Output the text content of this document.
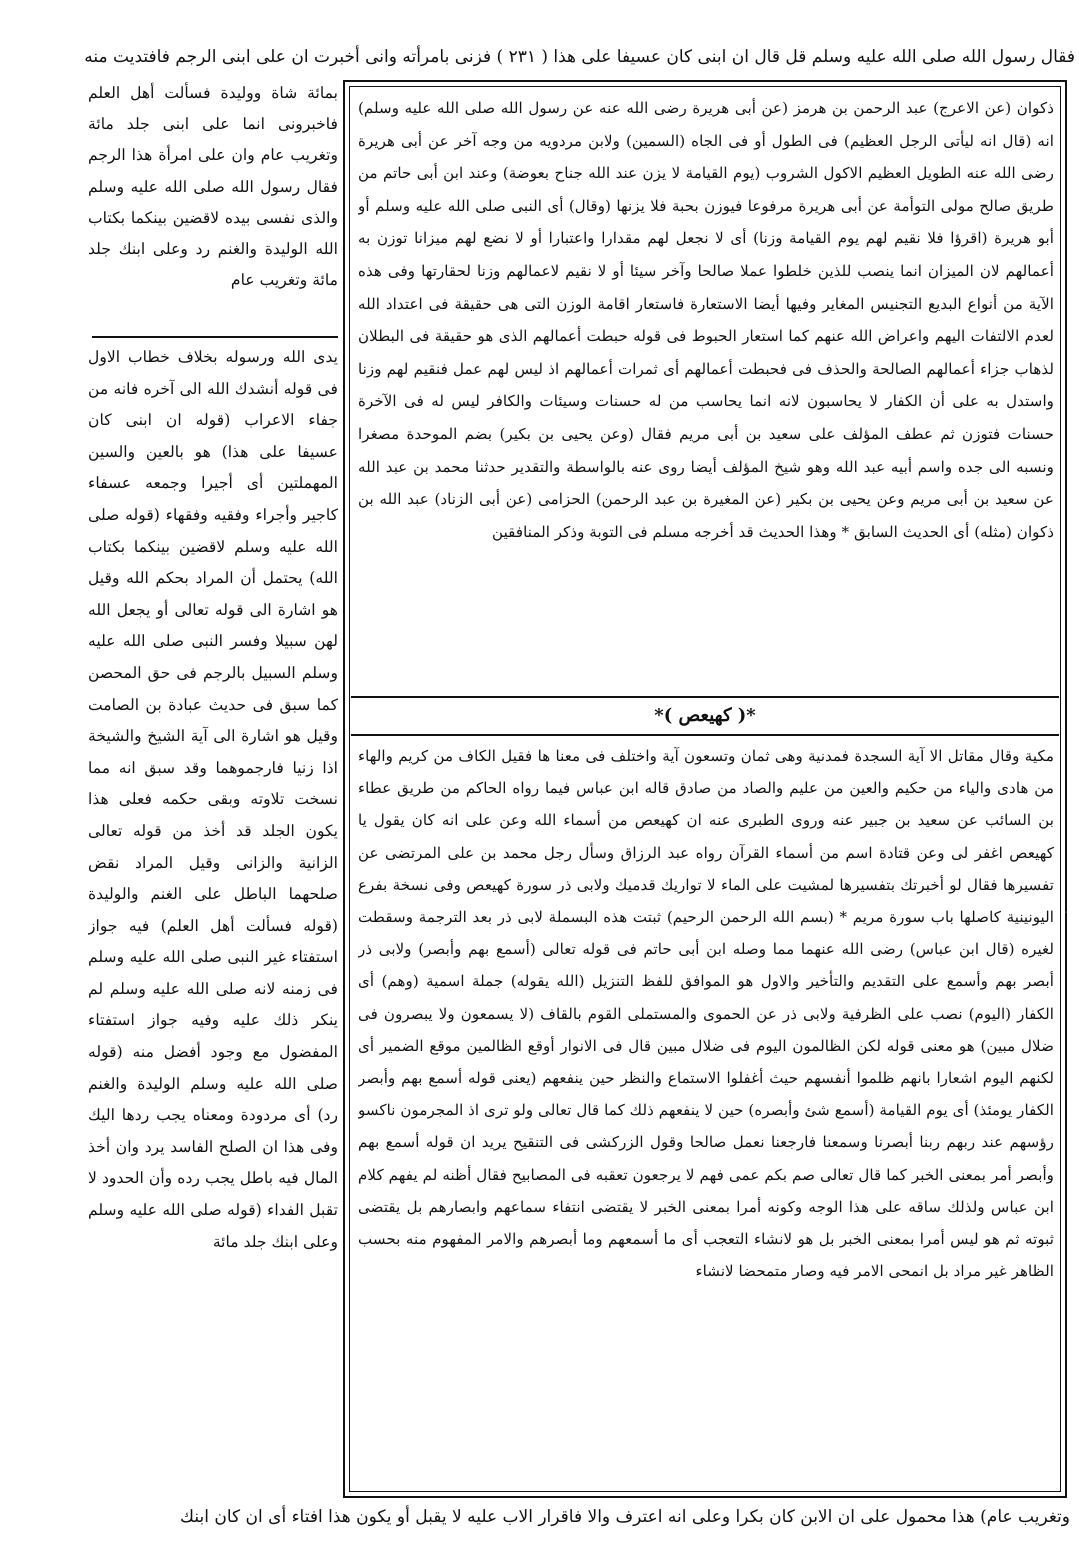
فقال رسول الله صلى الله عليه وسلم قل قال ان ابنى كان عسيفا على هذا ( ٢٣١ ) فزنى بامرأته وانى أخبرت ان على ابنى الرجم فافتديت منه
بمائة شاة ووليدة فسألت أهل العلم فاخبرونى انما على ابنى جلد مائة وتغريب عام وان على امرأة هذا الرجم فقال رسول الله صلى الله عليه وسلم والذى نفسى بيده لاقضين بينكما بكتاب الله الوليدة والغنم رد وعلى ابنك جلد مائة وتغريب عام
يدى الله ورسوله بخلاف خطاب الاول فى قوله أنشدك الله الى آخره فانه من جفاء الاعراب (قوله ان ابنى كان عسيفا على هذا) هو بالعين والسين المهملتين أى أجيرا وجمعه عسفاء كاجير وأجراء وفقيه وفقهاء (قوله صلى الله عليه وسلم لاقضين بينكما بكتاب الله) يحتمل أن المراد بحكم الله وقيل هو اشارة الى قوله تعالى أو يجعل الله لهن سبيلا وفسر النبى صلى الله عليه وسلم السبيل بالرجم فى حق المحصن كما سبق فى حديث عبادة بن الصامت وقيل هو اشارة الى آية الشيخ والشيخة اذا زنيا فارجموهما وقد سبق انه مما نسخت تلاوته وبقى حكمه فعلى هذا يكون الجلد قد أخذ من قوله تعالى الزانية والزانى وقيل المراد نقض صلحهما الباطل على الغنم والوليدة (قوله فسألت أهل العلم) فيه جواز استفتاء غير النبى صلى الله عليه وسلم فى زمنه لانه صلى الله عليه وسلم لم ينكر ذلك عليه وفيه جواز استفتاء المفضول مع وجود أفضل منه (قوله صلى الله عليه وسلم الوليدة والغنم رد) أى مردودة ومعناه يجب ردها اليك وفى هذا ان الصلح الفاسد يرد وان أخذ المال فيه باطل يجب رده وأن الحدود لا تقبل الفداء (قوله صلى الله عليه وسلم وعلى ابنك جلد مائة

ذكوان (عن الاعرج) عبد الرحمن بن هرمز (عن أبى هريرة رضى الله عنه عن رسول الله صلى الله عليه وسلم) انه (قال انه ليأتى الرجل العظيم) فى الطول أو فى الجاه (السمين) ولابن مردويه من وجه آخر عن أبى هريرة رضى الله عنه الطويل العظيم الاكول الشروب (يوم القيامة لا يزن عند الله جناح بعوضة) وعند ابن أبى حاتم من طريق صالح مولى التوأمة عن أبى هريرة مرفوعا فيوزن بحبة فلا يزنها (وقال) أى النبى صلى الله عليه وسلم أو أبو هريرة (اقرؤا فلا نقيم لهم يوم القيامة وزنا) أى لا نجعل لهم مقدارا واعتبارا أو لا نضع لهم ميزانا توزن به أعمالهم لان الميزان انما ينصب للذين خلطوا عملا صالحا وآخر سيئا أو لا نقيم لاعمالهم وزنا لحقارتها وفى هذه الآية من أنواع البديع التجنيس المغاير وفيها أيضا الاستعارة فاستعار اقامة الوزن التى هى حقيقة فى اعتداد الله لعدم الالتفات اليهم واعراض الله عنهم كما استعار الحبوط فى قوله حبطت أعمالهم الذى هو حقيقة فى البطلان لذهاب جزاء أعمالهم الصالحة والحذف فى فحبطت أعمالهم أى ثمرات أعمالهم اذ ليس لهم عمل فنقيم لهم وزنا واستدل به على أن الكفار لا يحاسبون لانه انما يحاسب من له حسنات وسيئات والكافر ليس له فى الآخرة حسنات فتوزن ثم عطف المؤلف على سعيد بن أبى مريم فقال (وعن يحيى بن بكير) بضم الموحدة مصغرا ونسبه الى جده واسم أبيه عبد الله وهو شيخ المؤلف أيضا روى عنه بالواسطة والتقدير حدثنا محمد بن عبد الله عن سعيد بن أبى مريم وعن يحيى بن بكير (عن المغيرة بن عبد الرحمن) الحزامى (عن أبى الزناد) عبد الله بن ذكوان (مثله) أى الحديث السابق * وهذا الحديث قد أخرجه مسلم فى التوبة وذكر المنافقين

*( كهيعص )*
مكية وقال مقاتل الا آية السجدة فمدنية وهى ثمان وتسعون آية واختلف فى معنا ها فقيل الكاف من كريم والهاء من هادى والياء من حكيم والعين من عليم والصاد من صادق قاله ابن عباس فيما رواه الحاكم من طريق عطاء بن السائب عن سعيد بن جبير عنه وروى الطبرى عنه ان كهيعص من أسماء الله وعن على انه كان يقول يا كهيعص اغفر لى وعن قتادة اسم من أسماء القرآن رواه عبد الرزاق وسأل رجل محمد بن على المرتضى عن تفسيرها فقال لو أخبرتك بتفسيرها لمشيت على الماء لا تواريك قدميك ولابى ذر سورة كهيعص وفى نسخة بفرع اليونينية كاصلها باب سورة مريم * (بسم الله الرحمن الرحيم) ثبتت هذه البسملة لابى ذر بعد الترجمة وسقطت لغيره (قال ابن عباس) رضى الله عنهما مما وصله ابن أبى حاتم فى قوله تعالى (أسمع بهم وأبصر) ولابى ذر أبصر بهم وأسمع على التقديم والتأخير والاول هو الموافق للفظ التنزيل (الله يقوله) جملة اسمية (وهم) أى الكفار (اليوم) نصب على الظرفية ولابى ذر عن الحموى والمستملى القوم بالقاف (لا يسمعون ولا يبصرون فى ضلال مبين) هو معنى قوله لكن الظالمون اليوم فى ضلال مبين قال فى الانوار أوقع الظالمين موقع الضمير أى لكنهم اليوم اشعارا بانهم ظلموا أنفسهم حيث أغفلوا الاستماع والنظر حين ينفعهم (يعنى قوله أسمع بهم وأبصر الكفار يومئذ) أى يوم القيامة (أسمع شئ وأبصره) حين لا ينفعهم ذلك كما قال تعالى ولو ترى اذ المجرمون ناكسو رؤسهم عند ربهم ربنا أبصرنا وسمعنا فارجعنا نعمل صالحا وقول الزركشى فى التنقيح يريد ان قوله أسمع بهم وأبصر أمر بمعنى الخبر كما قال تعالى صم بكم عمى فهم لا يرجعون تعقبه فى المصابيح فقال أظنه لم يفهم كلام ابن عباس ولذلك ساقه على هذا الوجه وكونه أمرا بمعنى الخبر لا يقتضى انتفاء سماعهم وابصارهم بل يقتضى ثبوته ثم هو ليس أمرا بمعنى الخبر بل هو لانشاء التعجب أى ما أسمعهم وما أبصرهم والامر المفهوم منه بحسب الظاهر غير مراد بل انمحى الامر فيه وصار متمحضا لانشاء
·
وتغريب عام) هذا محمول على ان الابن كان بكرا وعلى انه اعترف والا فاقرار الاب عليه لا يقبل أو يكون هذا افتاء أى ان كان ابنك
